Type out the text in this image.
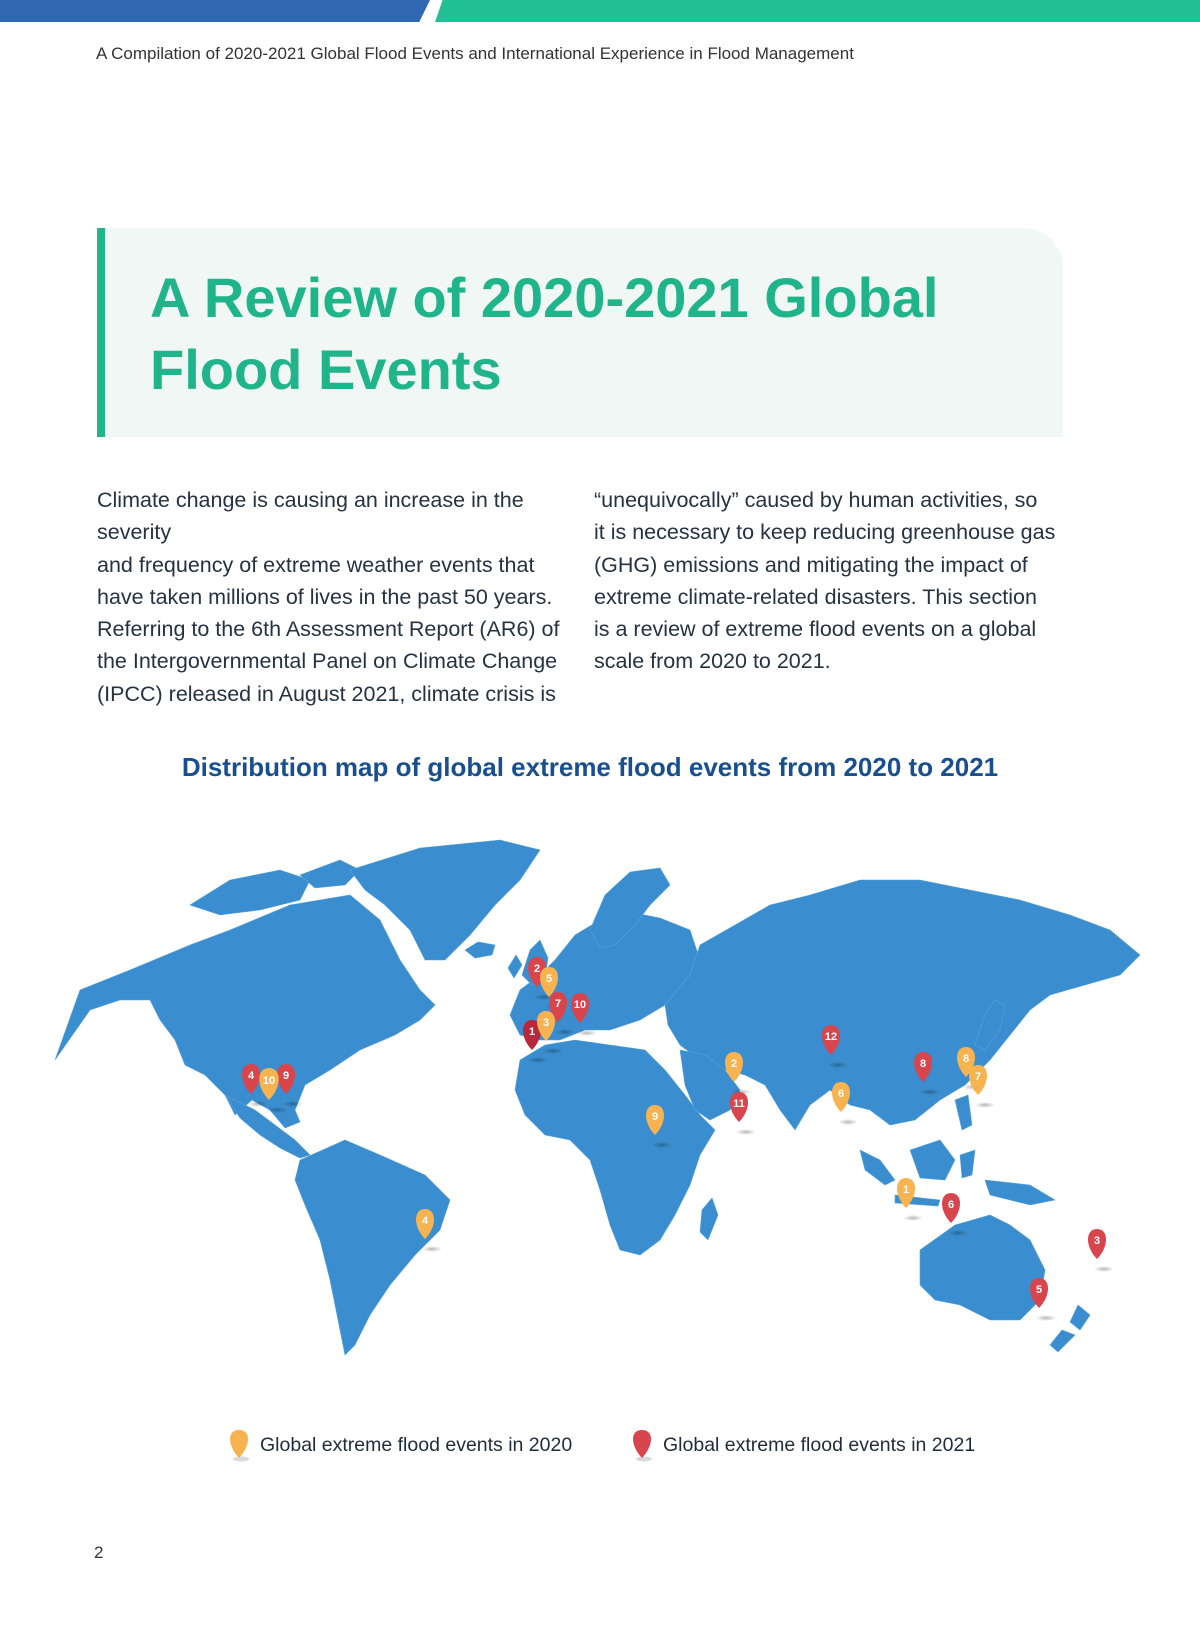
A Compilation of 2020-2021 Global Flood Events and International Experience in Flood Management
A Review of 2020-2021 Global
Flood Events
Climate change is causing an increase in the severity
and frequency of extreme weather events that
have taken millions of lives in the past 50 years.
Referring to the 6th Assessment Report (AR6) of
the Intergovernmental Panel on Climate Change
(IPCC) released in August 2021, climate crisis is
“unequivocally” caused by human activities, so
it is necessary to keep reducing greenhouse gas
(GHG) emissions and mitigating the impact of
extreme climate-related disasters. This section
is a review of extreme flood events on a global
scale from 2020 to 2021.
Distribution map of global extreme flood events from 2020 to 2021
1
2
5
7 10
3
4	9
10
2
11
9
12
6
8	8
7
1
6
4
3
5
Global extreme flood events in 2020	Global extreme flood events in 2021
2
